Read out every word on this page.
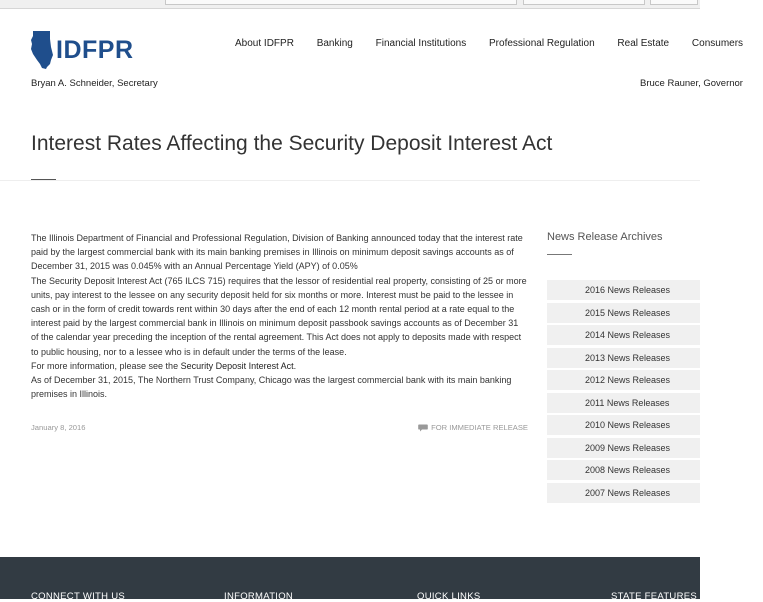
IDFPR	About IDFPR Banking Financial Institutions Professional Regulation Real Estate Consumers
Bryan A. Schneider, Secretary	Bruce Rauner, Governor
Interest Rates Affecting the Security Deposit Interest Act

The Illinois Department of Financial and Professional Regulation, Division of Banking announced today that the interest rate paid by the largest commercial bank with its main banking premises in Illinois on minimum deposit savings accounts as of December 31, 2015 was 0.045% with an Annual Percentage Yield (APY) of 0.05%

The Security Deposit Interest Act (765 ILCS 715) requires that the lessor of residential real property, consisting of 25 or more units, pay interest to the lessee on any security deposit held for six months or more. Interest must be paid to the lessee in cash or in the form of credit towards rent within 30 days after the end of each 12 month rental period at a rate equal to the interest paid by the largest commercial bank in Illinois on minimum deposit passbook savings accounts as of December 31 of the calendar year preceding the inception of the rental agreement. This Act does not apply to deposits made with respect to public housing, nor to a lessee who is in default under the terms of the lease.

For more information, please see the Security Deposit Interest Act.

As of December 31, 2015, The Northern Trust Company, Chicago was the largest commercial bank with its main banking premises in Illinois.

January 8, 2016	FOR IMMEDIATE RELEASE
News Release Archives
2016 News Releases
2015 News Releases
2014 News Releases
2013 News Releases
2012 News Releases
2011 News Releases
2010 News Releases
2009 News Releases
2008 News Releases
2007 News Releases
CONNECT WITH US	INFORMATION	QUICK LINKS	STATE FEATURES
